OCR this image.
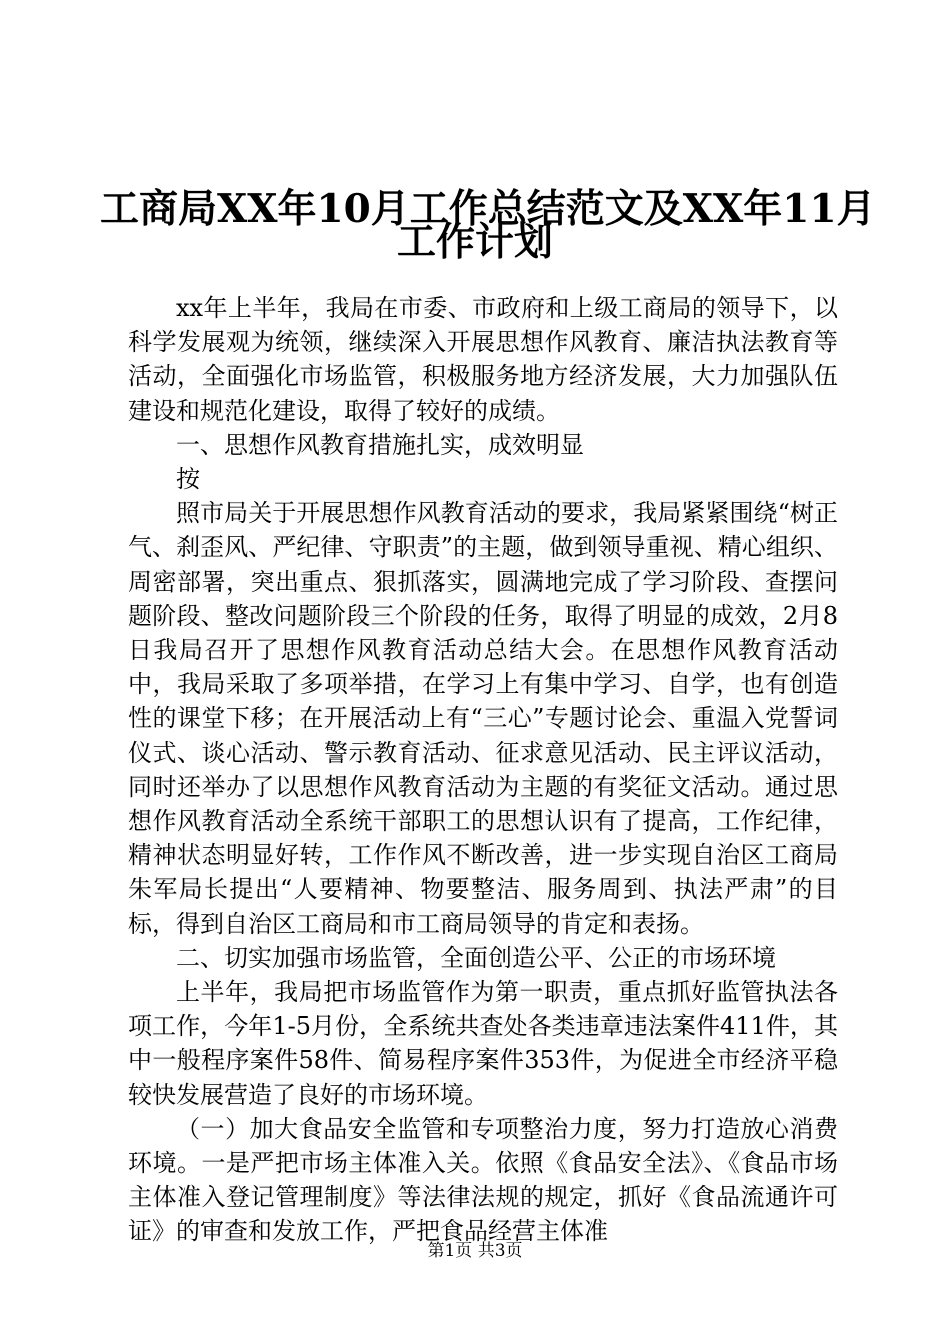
工商局XX年10月工作总结范文及XX年11月
工作计划

xx年上半年，我局在市委、市政府和上级工商局的领导下，以科学发展观为统领，继续深入开展思想作风教育、廉洁执法教育等活动，全面强化市场监管，积极服务地方经济发展，大力加强队伍建设和规范化建设，取得了较好的成绩。

一、思想作风教育措施扎实，成效明显

按

照市局关于开展思想作风教育活动的要求，我局紧紧围绕“树正气、刹歪风、严纪律、守职责”的主题，做到领导重视、精心组织、周密部署，突出重点、狠抓落实，圆满地完成了学习阶段、查摆问题阶段、整改问题阶段三个阶段的任务，取得了明显的成效，2月8日我局召开了思想作风教育活动总结大会。在思想作风教育活动中，我局采取了多项举措，在学习上有集中学习、自学，也有创造性的课堂下移；在开展活动上有“三心”专题讨论会、重温入党誓词仪式、谈心活动、警示教育活动、征求意见活动、民主评议活动，同时还举办了以思想作风教育活动为主题的有奖征文活动。通过思想作风教育活动全系统干部职工的思想认识有了提高，工作纪律，精神状态明显好转，工作作风不断改善，进一步实现自治区工商局朱军局长提出“人要精神、物要整洁、服务周到、执法严肃”的目标，得到自治区工商局和市工商局领导的肯定和表扬。

二、切实加强市场监管，全面创造公平、公正的市场环境

上半年，我局把市场监管作为第一职责，重点抓好监管执法各项工作，今年1-5月份，全系统共查处各类违章违法案件411件，其中一般程序案件58件、简易程序案件353件，为促进全市经济平稳较快发展营造了良好的市场环境。

（一）加大食品安全监管和专项整治力度，努力打造放心消费环境。一是严把市场主体准入关。依照《食品安全法》、《食品市场主体准入登记管理制度》等法律法规的规定，抓好《食品流通许可证》的审查和发放工作，严把食品经营主体准

第1页 共3页
